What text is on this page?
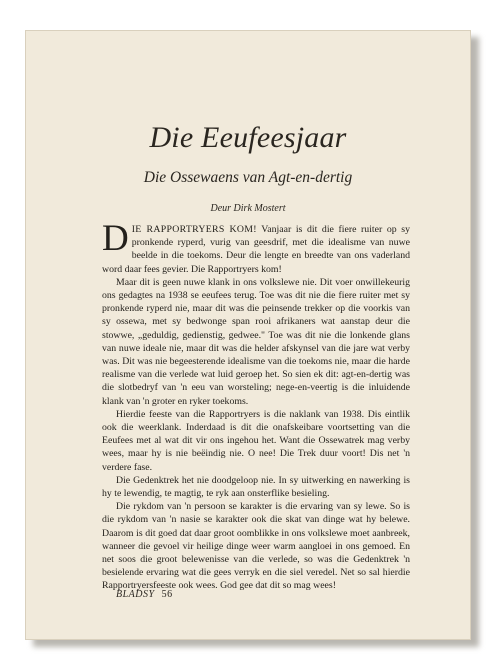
Die Eeufeesjaar
Die Ossewaens van Agt-en-dertig
Deur Dirk Mostert

DIE RAPPORTRYERS KOM! Vanjaar is dit die fiere ruiter op sy pronkende ryperd, vurig van geesdrif, met die idealisme van nuwe beelde in die toekoms. Deur die lengte en breedte van ons vaderland word daar fees gevier. Die Rapportryers kom!

Maar dit is geen nuwe klank in ons volkslewe nie. Dit voer onwillekeurig ons gedagtes na 1938 se eeufees terug. Toe was dit nie die fiere ruiter met sy pronkende ryperd nie, maar dit was die peinsende trekker op die voorkis van sy ossewa, met sy bedwonge span rooi afrikaners wat aanstap deur die stowwe, „geduldig, gedienstig, gedwee." Toe was dit nie die lonkende glans van nuwe ideale nie, maar dit was die helder afskynsel van die jare wat verby was. Dit was nie begeesterende idealisme van die toekoms nie, maar die harde realisme van die verlede wat luid geroep het. So sien ek dit: agt-en-dertig was die slotbedryf van 'n eeu van worsteling; nege-en-veertig is die inluidende klank van 'n groter en ryker toekoms.

Hierdie feeste van die Rapportryers is die naklank van 1938. Dis eintlik ook die weerklank. Inderdaad is dit die onafskeibare voortsetting van die Eeufees met al wat dit vir ons ingehou het. Want die Ossewatrek mag verby wees, maar hy is nie beëindig nie. O nee! Die Trek duur voort! Dis net 'n verdere fase.

Die Gedenktrek het nie doodgeloop nie. In sy uitwerking en nawerking is hy te lewendig, te magtig, te ryk aan onsterflike besieling.

Die rykdom van 'n persoon se karakter is die ervaring van sy lewe. So is die rykdom van 'n nasie se karakter ook die skat van dinge wat hy belewe. Daarom is dit goed dat daar groot oomblikke in ons volkslewe moet aanbreek, wanneer die gevoel vir heilige dinge weer warm aangloei in ons gemoed. En net soos die groot belewenisse van die verlede, so was die Gedenktrek 'n besielende ervaring wat die gees verryk en die siel veredel. Net so sal hierdie Rapportryersfeeste ook wees. God gee dat dit so mag wees!

BLADSY 56
